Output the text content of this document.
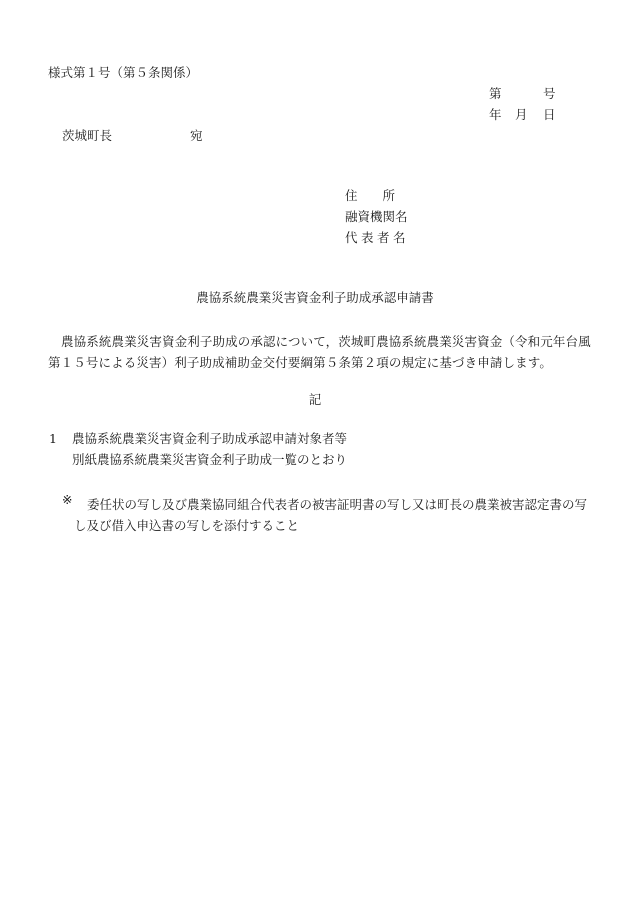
様式第１号（第５条関係）
第	号
年 月 日
茨城町長	宛
住　　所
融資機関名
代表者名
農協系統農業災害資金利子助成承認申請書
農協系統農業災害資金利子助成の承認について，茨城町農協系統農業災害資金（令和元年台風第１５号による災害）利子助成補助金交付要綱第５条第２項の規定に基づき申請します。
記
1 農協系統農業災害資金利子助成承認申請対象者等
別紙農協系統農業災害資金利子助成一覧のとおり
※	委任状の写し及び農業協同組合代表者の被害証明書の写し又は町長の農業被害認定書の写し及び借入申込書の写しを添付すること
